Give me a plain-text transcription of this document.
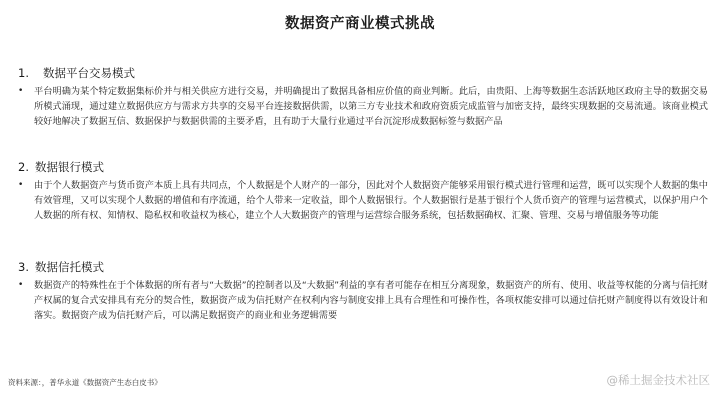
数据资产商业模式挑战
1. 数据平台交易模式
•	平台明确为某个特定数据集标价并与相关供应方进行交易，并明确提出了数据具备相应价值的商业判断。此后，由贵阳、上海等数据生态活跃地区政府主导的数据交易所模式涌现，通过建立数据供应方与需求方共享的交易平台连接数据供需，以第三方专业技术和政府资质完成监管与加密支持，最终实现数据的交易流通。该商业模式较好地解决了数据互信、数据保护与数据供需的主要矛盾，且有助于大量行业通过平台沉淀形成数据标签与数据产品
2. 数据银行模式
•	由于个人数据资产与货币资产本质上具有共同点，个人数据是个人财产的一部分，因此对个人数据资产能够采用银行模式进行管理和运营，既可以实现个人数据的集中有效管理，又可以实现个人数据的增值和有序流通，给个人带来一定收益，即个人数据银行。个人数据银行是基于银行个人货币资产的管理与运营模式，以保护用户个人数据的所有权、知情权、隐私权和收益权为核心，建立个人大数据资产的管理与运营综合服务系统，包括数据确权、汇聚、管理、交易与增值服务等功能
3. 数据信托模式
•	数据资产的特殊性在于个体数据的所有者与“大数据”的控制者以及“大数据”利益的享有者可能存在相互分离现象，数据资产的所有、使用、收益等权能的分离与信托财产权属的复合式安排具有充分的契合性，数据资产成为信托财产在权利内容与制度安排上具有合理性和可操作性，各项权能安排可以通过信托财产制度得以有效设计和落实。数据资产成为信托财产后，可以满足数据资产的商业和业务逻辑需要
资料来源：，普华永道《数据资产生态白皮书》	@稀土掘金技术社区
